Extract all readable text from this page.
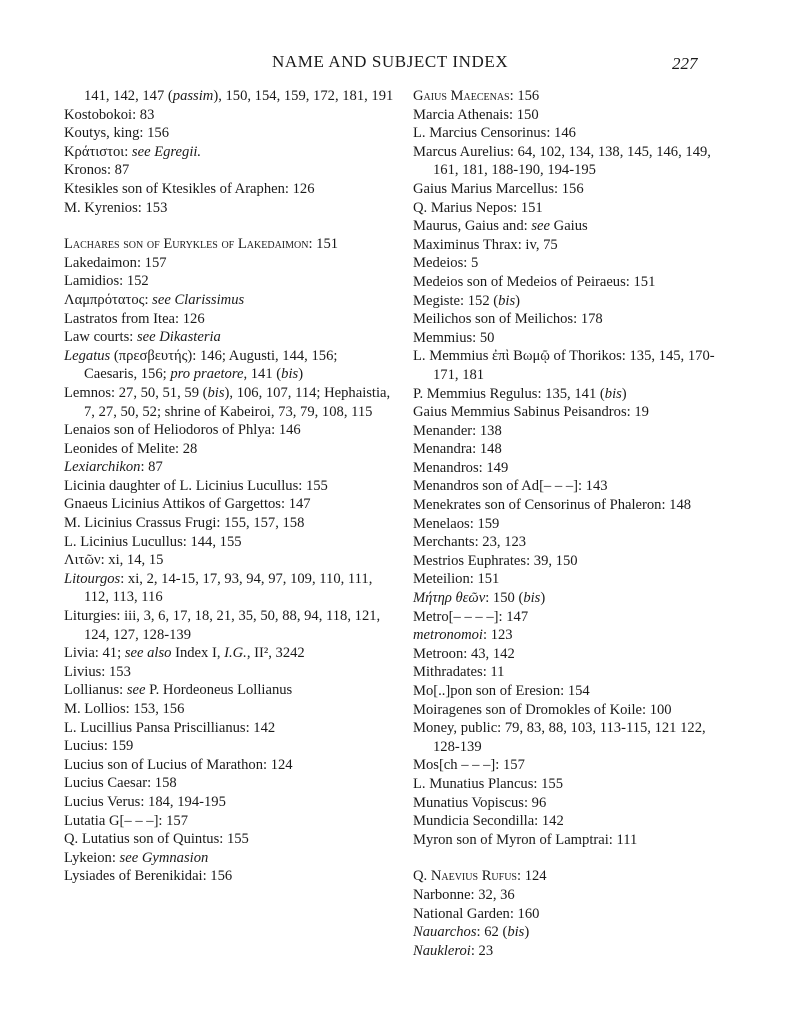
NAME AND SUBJECT INDEX	227
141, 142, 147 (passim), 150, 154, 159, 172, 181, 191
Kostobokoi: 83
Koutys, king: 156
Κράτιστοι: see Egregii.
Kronos: 87
Ktesikles son of Ktesikles of Araphen: 126
M. Kyrenios: 153
Lachares son of Eurykles of Lakedaimon: 151
Lakedaimon: 157
Lamidios: 152
Λαμπρότατος: see Clarissimus
Lastratos from Itea: 126
Law courts: see Dikasteria
Legatus (πρεσβευτής): 146; Augusti, 144, 156; Caesaris, 156; pro praetore, 141 (bis)
Lemnos: 27, 50, 51, 59 (bis), 106, 107, 114; Hephaistia, 7, 27, 50, 52; shrine of Kabeiroi, 73, 79, 108, 115
Lenaios son of Heliodoros of Phlya: 146
Leonides of Melite: 28
Lexiarchikon: 87
Licinia daughter of L. Licinius Lucullus: 155
Gnaeus Licinius Attikos of Gargettos: 147
M. Licinius Crassus Frugi: 155, 157, 158
L. Licinius Lucullus: 144, 155
Λιτῶν: xi, 14, 15
Litourgos: xi, 2, 14-15, 17, 93, 94, 97, 109, 110, 111, 112, 113, 116
Liturgies: iii, 3, 6, 17, 18, 21, 35, 50, 88, 94, 118, 121, 124, 127, 128-139
Livia: 41; see also Index I, I.G., II², 3242
Livius: 153
Lollianus: see P. Hordeoneus Lollianus
M. Lollios: 153, 156
L. Lucillius Pansa Priscillianus: 142
Lucius: 159
Lucius son of Lucius of Marathon: 124
Lucius Caesar: 158
Lucius Verus: 184, 194-195
Lutatia G[– – –]: 157
Q. Lutatius son of Quintus: 155
Lykeion: see Gymnasion
Lysiades of Berenikidai: 156
Gaius Maecenas: 156
Marcia Athenais: 150
L. Marcius Censorinus: 146
Marcus Aurelius: 64, 102, 134, 138, 145, 146, 149, 161, 181, 188-190, 194-195
Gaius Marius Marcellus: 156
Q. Marius Nepos: 151
Maurus, Gaius and: see Gaius
Maximinus Thrax: iv, 75
Medeios: 5
Medeios son of Medeios of Peiraeus: 151
Megiste: 152 (bis)
Meilichos son of Meilichos: 178
Memmius: 50
L. Memmius ἐπὶ Βωμῷ of Thorikos: 135, 145, 170-171, 181
P. Memmius Regulus: 135, 141 (bis)
Gaius Memmius Sabinus Peisandros: 19
Menander: 138
Menandra: 148
Menandros: 149
Menandros son of Ad[– – –]: 143
Menekrates son of Censorinus of Phaleron: 148
Menelaos: 159
Merchants: 23, 123
Mestrios Euphrates: 39, 150
Meteilion: 151
Μήτηρ θεῶν: 150 (bis)
Metro[– – – –]: 147
metronomoi: 123
Metroon: 43, 142
Mithradates: 11
Mo[..]pon son of Eresion: 154
Moiragenes son of Dromokles of Koile: 100
Money, public: 79, 83, 88, 103, 113-115, 121 122, 128-139
Mos[ch – – –]: 157
L. Munatius Plancus: 155
Munatius Vopiscus: 96
Mundicia Secondilla: 142
Myron son of Myron of Lamptrai: 111
Q. Naevius Rufus: 124
Narbonne: 32, 36
National Garden: 160
Nauarchos: 62 (bis)
Naukleroi: 23
